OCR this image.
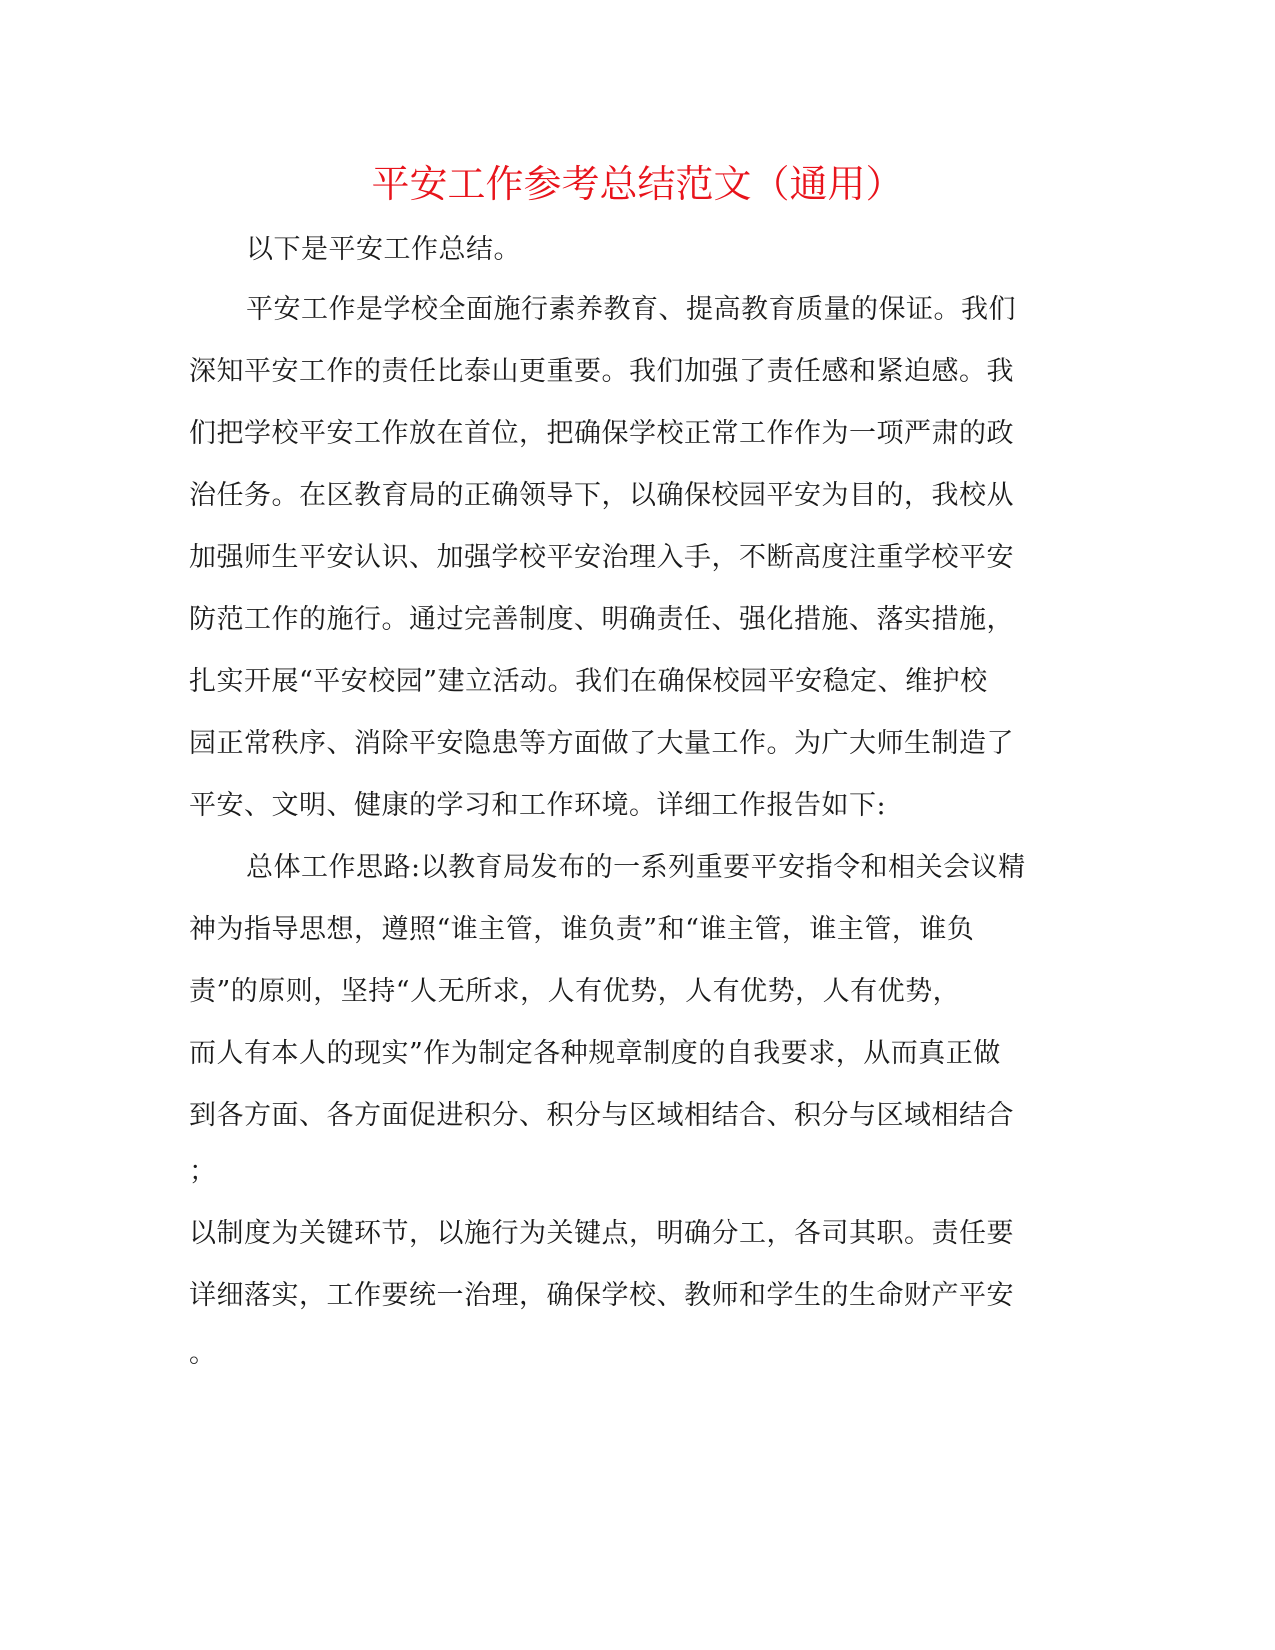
平安工作参考总结范文（通用）
以下是平安工作总结。
平安工作是学校全面施行素养教育、提高教育质量的保证。我们
深知平安工作的责任比泰山更重要。我们加强了责任感和紧迫感。我
们把学校平安工作放在首位，把确保学校正常工作作为一项严肃的政
治任务。在区教育局的正确领导下，以确保校园平安为目的，我校从
加强师生平安认识、加强学校平安治理入手，不断高度注重学校平安
防范工作的施行。通过完善制度、明确责任、强化措施、落实措施，
扎实开展“平安校园”建立活动。我们在确保校园平安稳定、维护校
园正常秩序、消除平安隐患等方面做了大量工作。为广大师生制造了
平安、文明、健康的学习和工作环境。详细工作报告如下:
总体工作思路:以教育局发布的一系列重要平安指令和相关会议精
神为指导思想，遵照“谁主管，谁负责”和“谁主管，谁主管，谁负
责”的原则，坚持“人无所求，人有优势，人有优势，人有优势，
而人有本人的现实”作为制定各种规章制度的自我要求，从而真正做
到各方面、各方面促进积分、积分与区域相结合、积分与区域相结合
；
以制度为关键环节，以施行为关键点，明确分工，各司其职。责任要
详细落实，工作要统一治理，确保学校、教师和学生的生命财产平安
。
